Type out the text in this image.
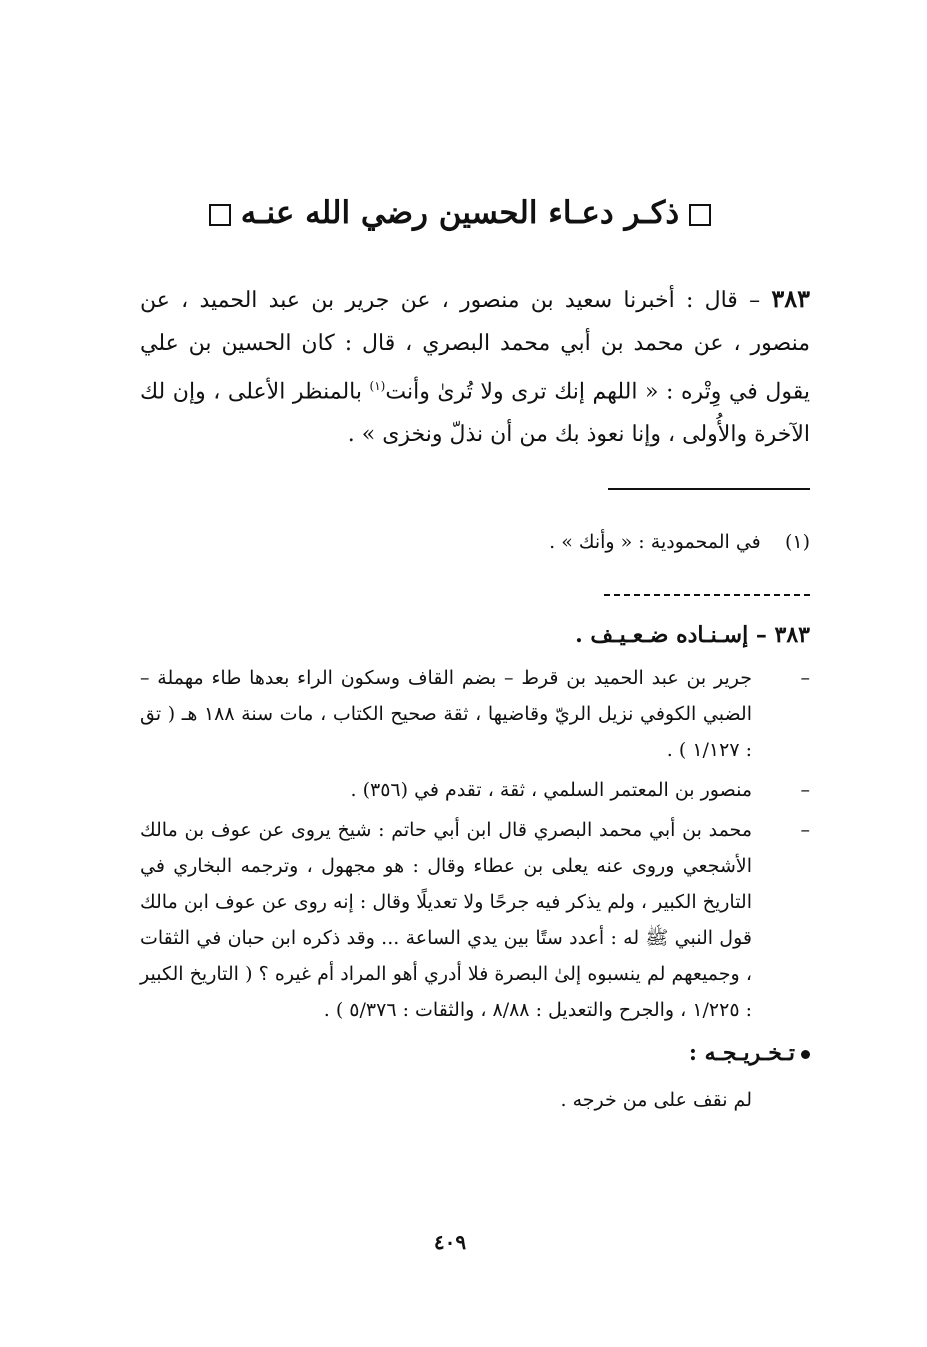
ذكـر دعـاء الحسين رضي الله عنـه
٣٨٣ – قال : أخبرنا سعيد بن منصور ، عن جرير بن عبد الحميد ، عن منصور ، عن محمد بن أبي محمد البصري ، قال : كان الحسين بن علي يقول في وِتْره : « اللهم إنك ترى ولا تُرىٰ وأنت$^{(١)}$ بالمنظر الأعلى ، وإن لك الآخرة والأُولى ، وإنا نعوذ بك من أن نذلّ ونخزى » .
(١)    في المحمودية : « وأنك » .
٣٨٣ – إسـنـاده ضـعـيـف .
–
جرير بن عبد الحميد بن قرط – بضم القاف وسكون الراء بعدها طاء مهملة – الضبي الكوفي نزيل الريّ وقاضيها ، ثقة صحيح الكتاب ، مات سنة ١٨٨ هـ ( تق : ١/١٢٧ ) .
–
منصور بن المعتمر السلمي ، ثقة ، تقدم في (٣٥٦) .
–
محمد بن أبي محمد البصري قال ابن أبي حاتم : شيخ يروى عن عوف بن مالك الأشجعي وروى عنه يعلى بن عطاء وقال : هو مجهول ، وترجمه البخاري في التاريخ الكبير ، ولم يذكر فيه جرحًا ولا تعديلًا وقال : إنه روى عن عوف ابن مالك قول النبي ﷺ له : أعدد ستًا بين يدي الساعة ... وقد ذكره ابن حبان في الثقات ، وجميعهم لم ينسبوه إلىٰ البصرة فلا أدري أهو المراد أم غيره ؟ ( التاريخ الكبير : ١/٢٢٥ ، والجرح والتعديل : ٨/٨٨ ، والثقات : ٥/٣٧٦ ) .
تـخـريـجـه :
لم نقف على من خرجه .
٤٠٩
